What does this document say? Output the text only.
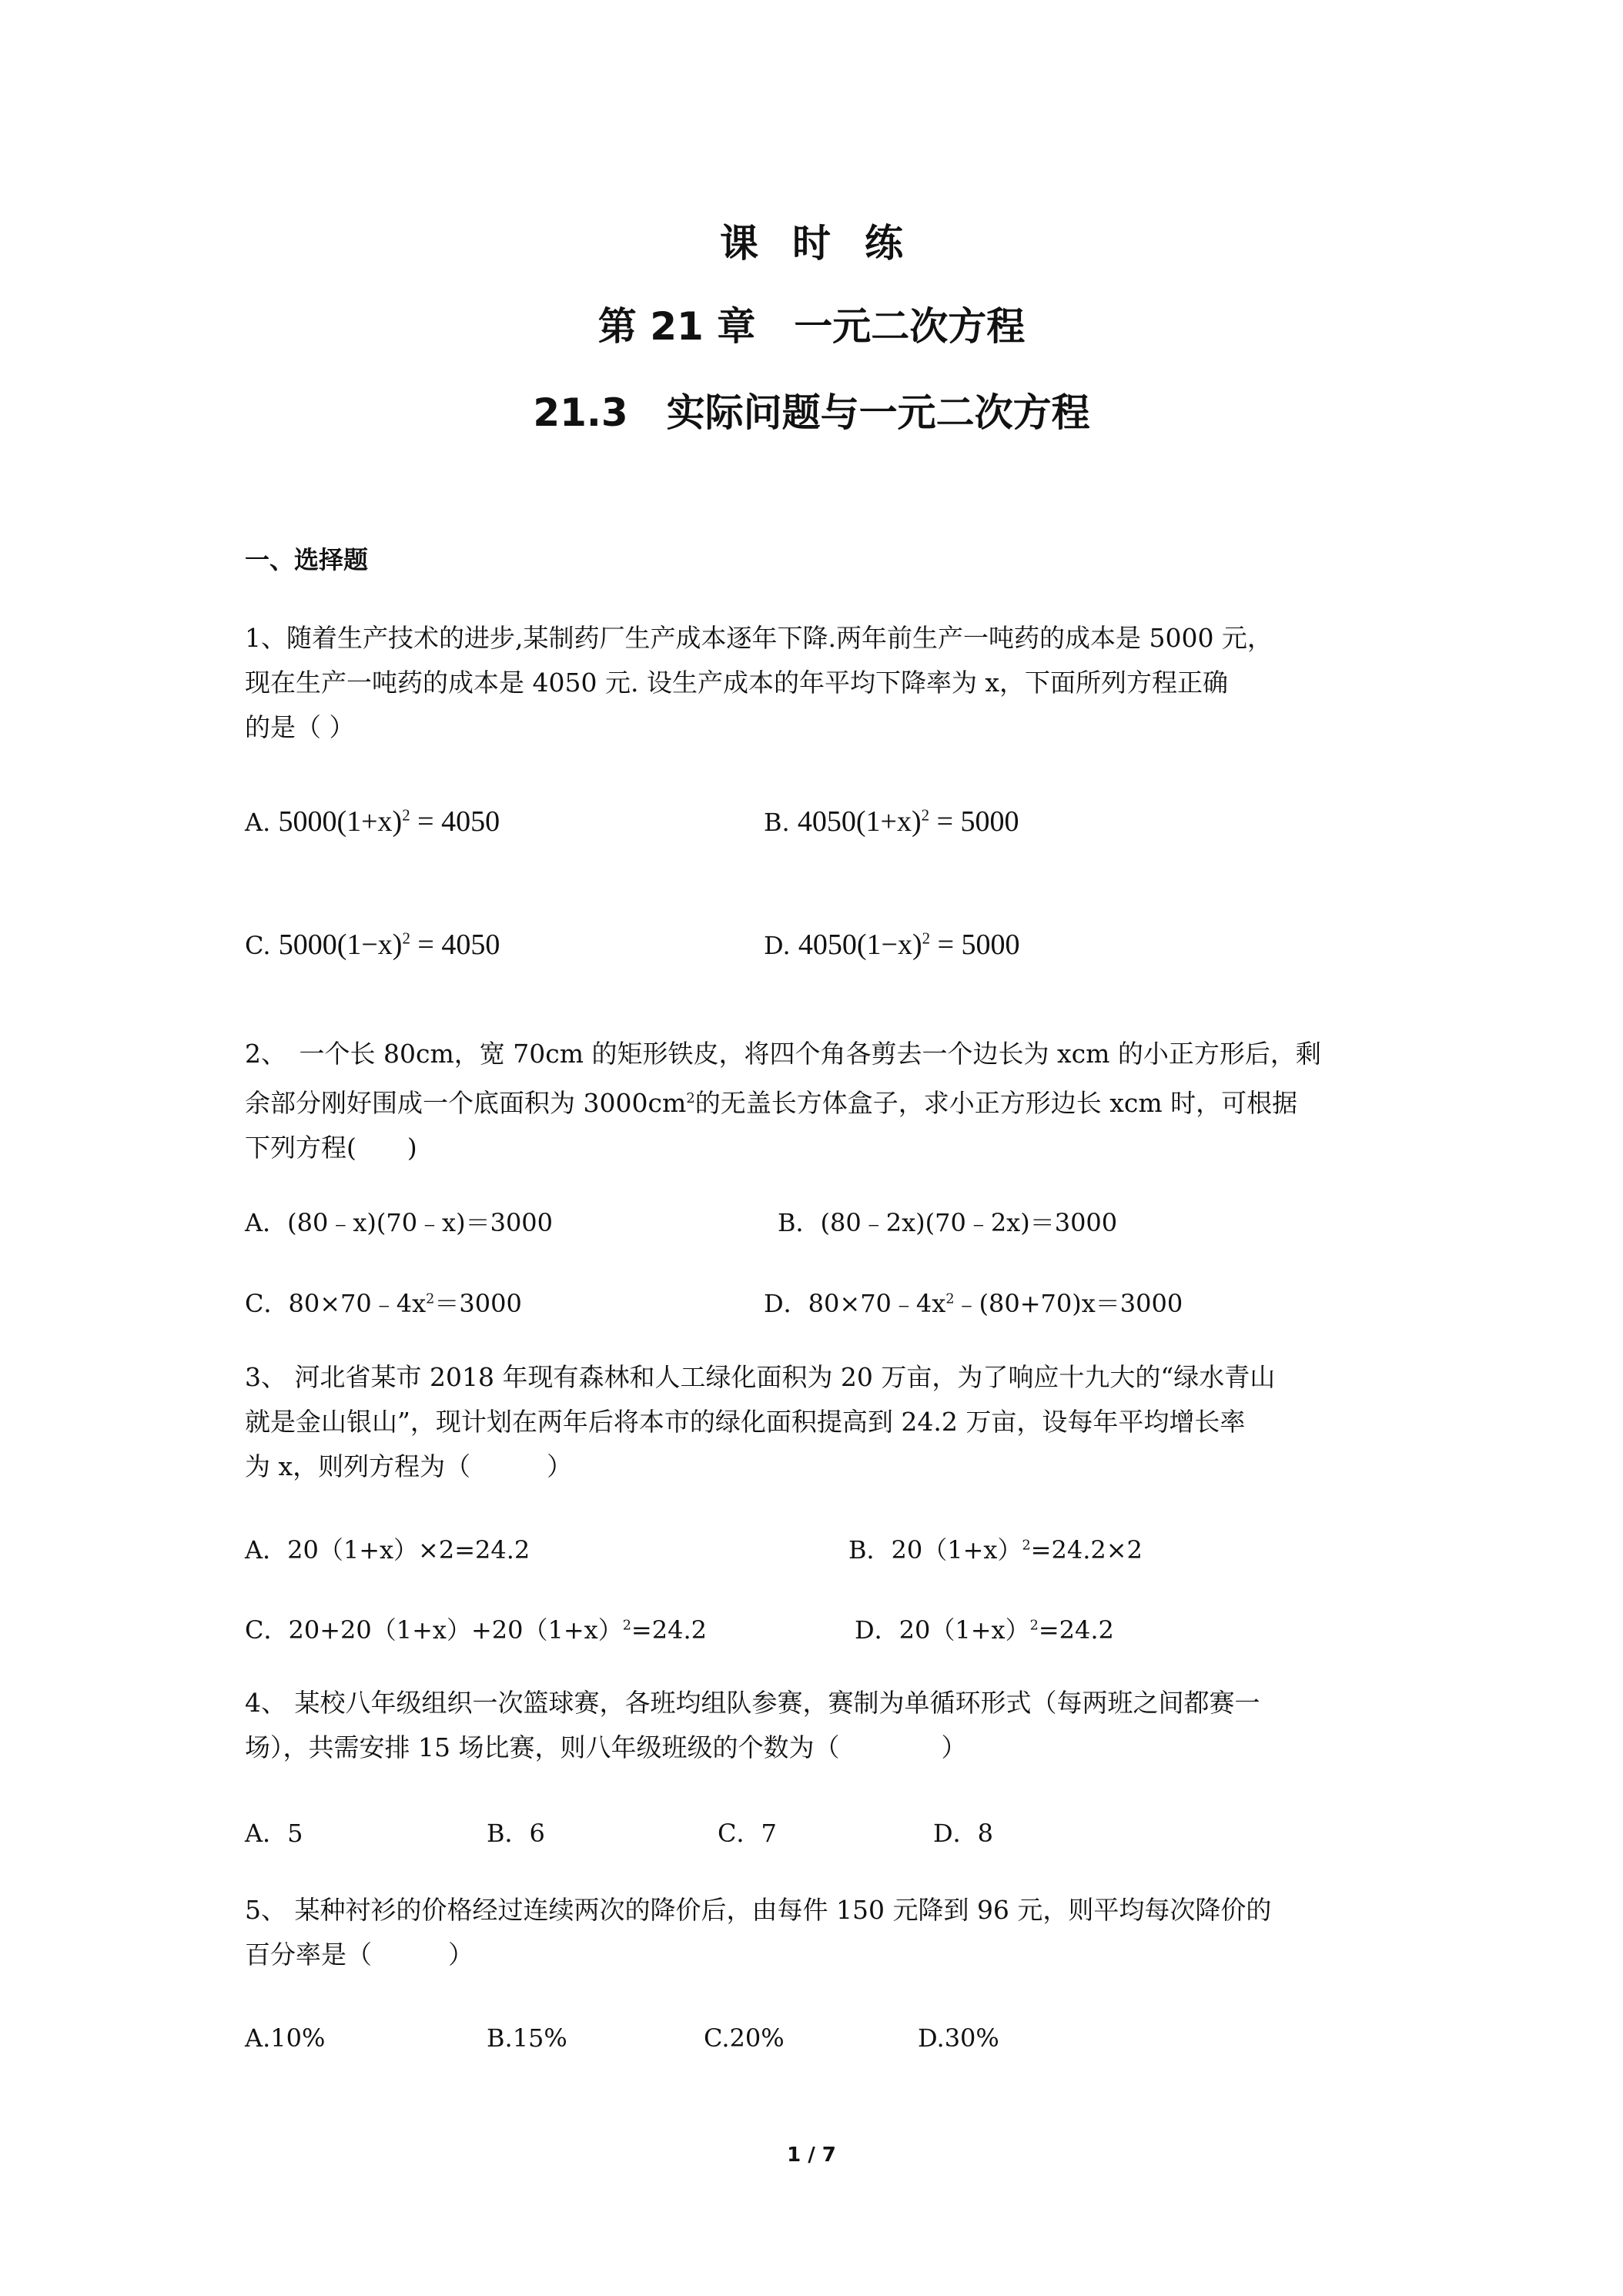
课 时 练
第 21 章　一元二次方程
21.3　实际问题与一元二次方程
一、选择题
1、随着生产技术的进步,某制药厂生产成本逐年下降.两年前生产一吨药的成本是 5000 元，
现在生产一吨药的成本是 4050 元. 设生产成本的年平均下降率为 x，下面所列方程正确
的是（ ）
A. $5000(1+x)^2 = 4050$	B. $4050(1+x)^2 = 5000$
C. $5000(1-x)^2 = 4050$	D. $4050(1-x)^2 = 5000$
2、　一个长 80cm，宽 70cm 的矩形铁皮，将四个角各剪去一个边长为 xcm 的小正方形后，剩
余部分刚好围成一个底面积为 $3000cm^2$的无盖长方体盒子，求小正方形边长 xcm 时，可根据
下列方程(　　)
A．(80﹣x)(70﹣x)＝3000	B．(80﹣2x)(70﹣2x)＝3000
C．$80\times 70﹣4x^2=3000$	D．$80\times 70﹣4x^2﹣(80+70)x=3000$
3、 河北省某市 2018 年现有森林和人工绿化面积为 20 万亩，为了响应十九大的“绿水青山
就是金山银山”，现计划在两年后将本市的绿化面积提高到 24.2 万亩，设每年平均增长率
为 x，则列方程为（　　　）
A．20（1+x）×2=24.2	B．$20(1+x)^2=24.2\times 2$
C．$20+20(1+x)+20(1+x)^2=24.2$	D．$20(1+x)^2=24.2$
4、 某校八年级组织一次篮球赛，各班均组队参赛，赛制为单循环形式（每两班之间都赛一
场），共需安排 15 场比赛，则八年级班级的个数为（　　　　）
A．5	B．6	C．7	D．8
5、 某种衬衫的价格经过连续两次的降价后，由每件 150 元降到 96 元，则平均每次降价的
百分率是（　　　）
A.10%	B.15%	C.20%	D.30%
1 / 7
